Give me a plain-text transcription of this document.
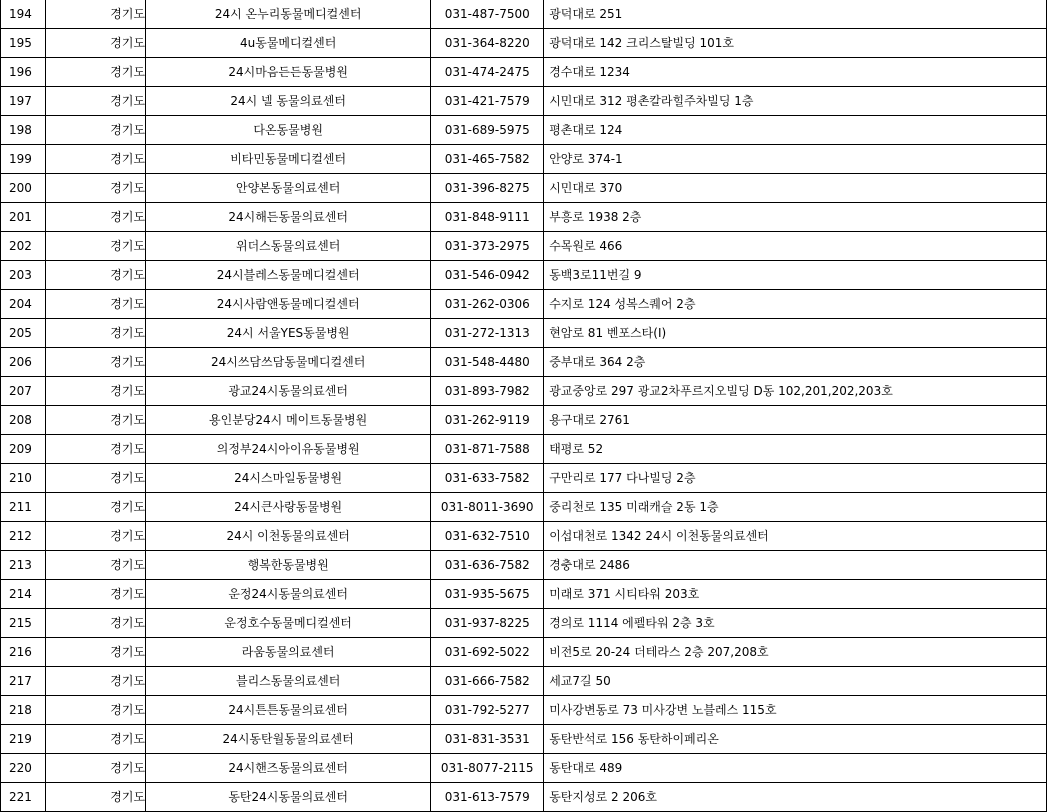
194	경기도	24시 온누리동물메디컬센터	031-487-7500	광덕대로 251
195	경기도	4u동물메디컬센터	031-364-8220	광덕대로 142 크리스탈빌딩 101호
196	경기도	24시마음든든동물병원	031-474-2475	경수대로 1234
197	경기도	24시 넬 동물의료센터	031-421-7579	시민대로 312 평촌칼라힐주차빌딩 1층
198	경기도	다온동물병원	031-689-5975	평촌대로 124
199	경기도	비타민동물메디컬센터	031-465-7582	안양로 374-1
200	경기도	안양본동물의료센터	031-396-8275	시민대로 370
201	경기도	24시해든동물의료센터	031-848-9111	부흥로 1938 2층
202	경기도	위더스동물의료센터	031-373-2975	수목원로 466
203	경기도	24시블레스동물메디컬센터	031-546-0942	동백3로11번길 9
204	경기도	24시사람앤동물메디컬센터	031-262-0306	수지로 124 성복스퀘어 2층
205	경기도	24시 서울YES동물병원	031-272-1313	현암로 81 벤포스타(I)
206	경기도	24시쓰담쓰담동물메디컬센터	031-548-4480	중부대로 364 2층
207	경기도	광교24시동물의료센터	031-893-7982	광교중앙로 297 광교2차푸르지오빌딩 D동 102,201,202,203호
208	경기도	용인분당24시 메이트동물병원	031-262-9119	용구대로 2761
209	경기도	의정부24시아이유동물병원	031-871-7588	태평로 52
210	경기도	24시스마일동물병원	031-633-7582	구만리로 177 다나빌딩 2층
211	경기도	24시큰사랑동물병원	031-8011-3690	중리천로 135 미래캐슬 2동 1층
212	경기도	24시 이천동물의료센터	031-632-7510	이섭대천로 1342 24시 이천동물의료센터
213	경기도	행복한동물병원	031-636-7582	경충대로 2486
214	경기도	운정24시동물의료센터	031-935-5675	미래로 371 시티타워 203호
215	경기도	운정호수동물메디컬센터	031-937-8225	경의로 1114 에펠타워 2층 3호
216	경기도	라움동물의료센터	031-692-5022	비전5로 20-24 더테라스 2층 207,208호
217	경기도	블리스동물의료센터	031-666-7582	세교7길 50
218	경기도	24시튼튼동물의료센터	031-792-5277	미사강변동로 73 미사강변 노블레스 115호
219	경기도	24시동탄월동물의료센터	031-831-3531	동탄반석로 156 동탄하이페리온
220	경기도	24시핸즈동물의료센터	031-8077-2115	동탄대로 489
221	경기도	동탄24시동물의료센터	031-613-7579	동탄지성로 2 206호
